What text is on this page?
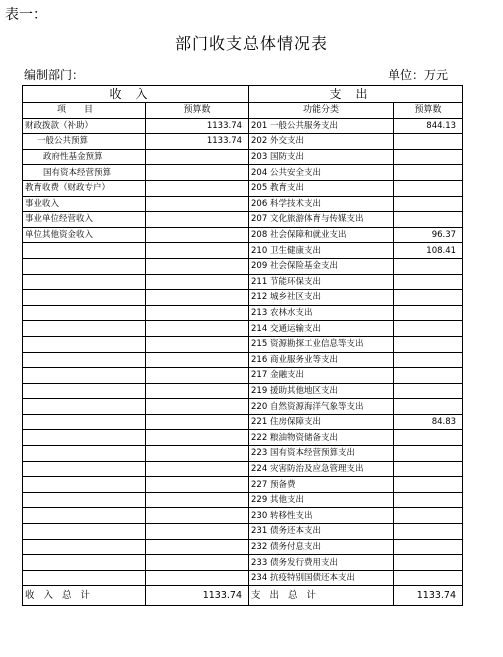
表一：
部门收支总体情况表
编制部门：	单位：万元
收入		支出	
项目	预算数	功能分类	预算数
财政拨款（补助）	1133.74	201 一般公共服务支出	844.13
一般公共预算	1133.74	202 外交支出	
政府性基金预算		203 国防支出	
国有资本经营预算		204 公共安全支出	
教育收费（财政专户）		205 教育支出	
事业收入		206 科学技术支出	
事业单位经营收入		207 文化旅游体育与传媒支出	
单位其他资金收入		208 社会保障和就业支出	96.37
		210 卫生健康支出	108.41
		209 社会保险基金支出	
		211 节能环保支出	
		212 城乡社区支出	
		213 农林水支出	
		214 交通运输支出	
		215 资源勘探工业信息等支出	
		216 商业服务业等支出	
		217 金融支出	
		219 援助其他地区支出	
		220 自然资源海洋气象等支出	
		221 住房保障支出	84.83
		222 粮油物资储备支出	
		223 国有资本经营预算支出	
		224 灾害防治及应急管理支出	
		227 预备费	
		229 其他支出	
		230 转移性支出	
		231 债务还本支出	
		232 债务付息支出	
		233 债务发行费用支出	
		234 抗疫特别国债还本支出	
收入总计	1133.74	支出总计	1133.74
